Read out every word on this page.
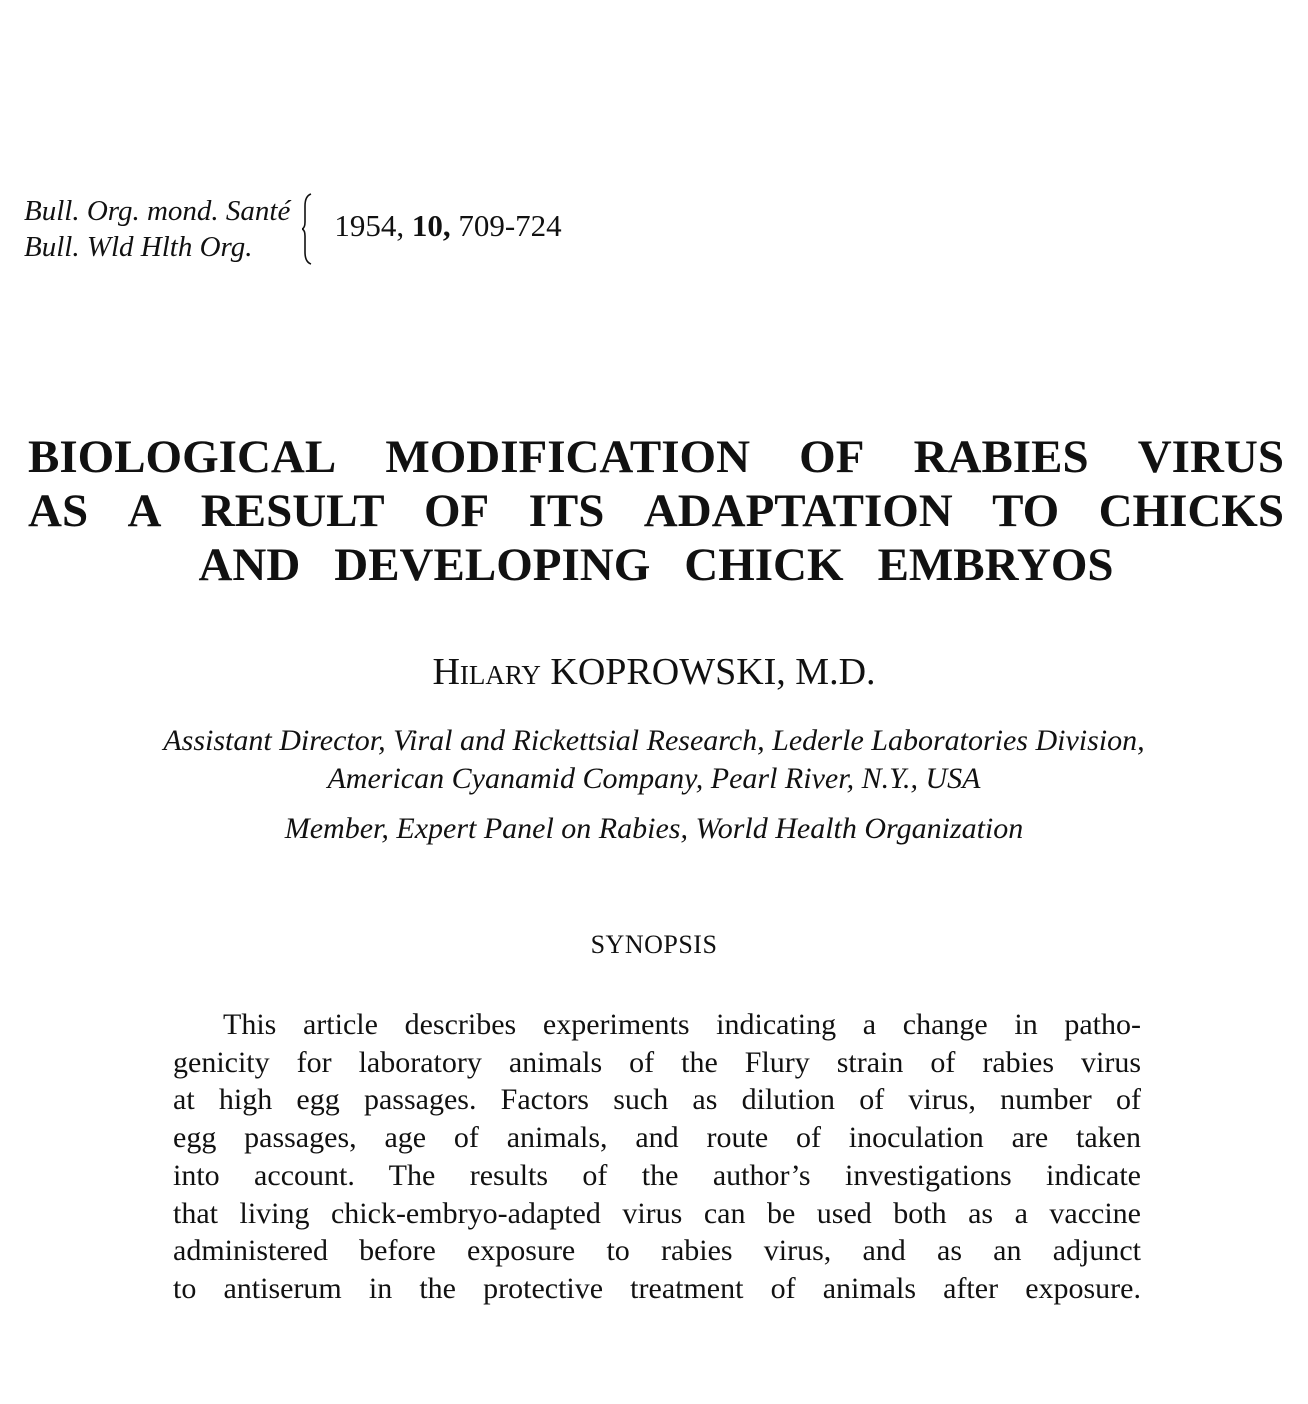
Bull. Org. mond. Santé
Bull. Wld Hlth Org.
1954, 10, 709-724
BIOLOGICAL MODIFICATION OF RABIES VIRUS
AS A RESULT OF ITS ADAPTATION TO CHICKS
AND DEVELOPING CHICK EMBRYOS
Hilary KOPROWSKI, M.D.
Assistant Director, Viral and Rickettsial Research, Lederle Laboratories Division,
American Cyanamid Company, Pearl River, N.Y., USA
Member, Expert Panel on Rabies, World Health Organization
SYNOPSIS
This article describes experiments indicating a change in patho-
genicity for laboratory animals of the Flury strain of rabies virus
at high egg passages. Factors such as dilution of virus, number of
egg passages, age of animals, and route of inoculation are taken
into account. The results of the author’s investigations indicate
that living chick-embryo-adapted virus can be used both as a vaccine
administered before exposure to rabies virus, and as an adjunct
to antiserum in the protective treatment of animals after exposure.
